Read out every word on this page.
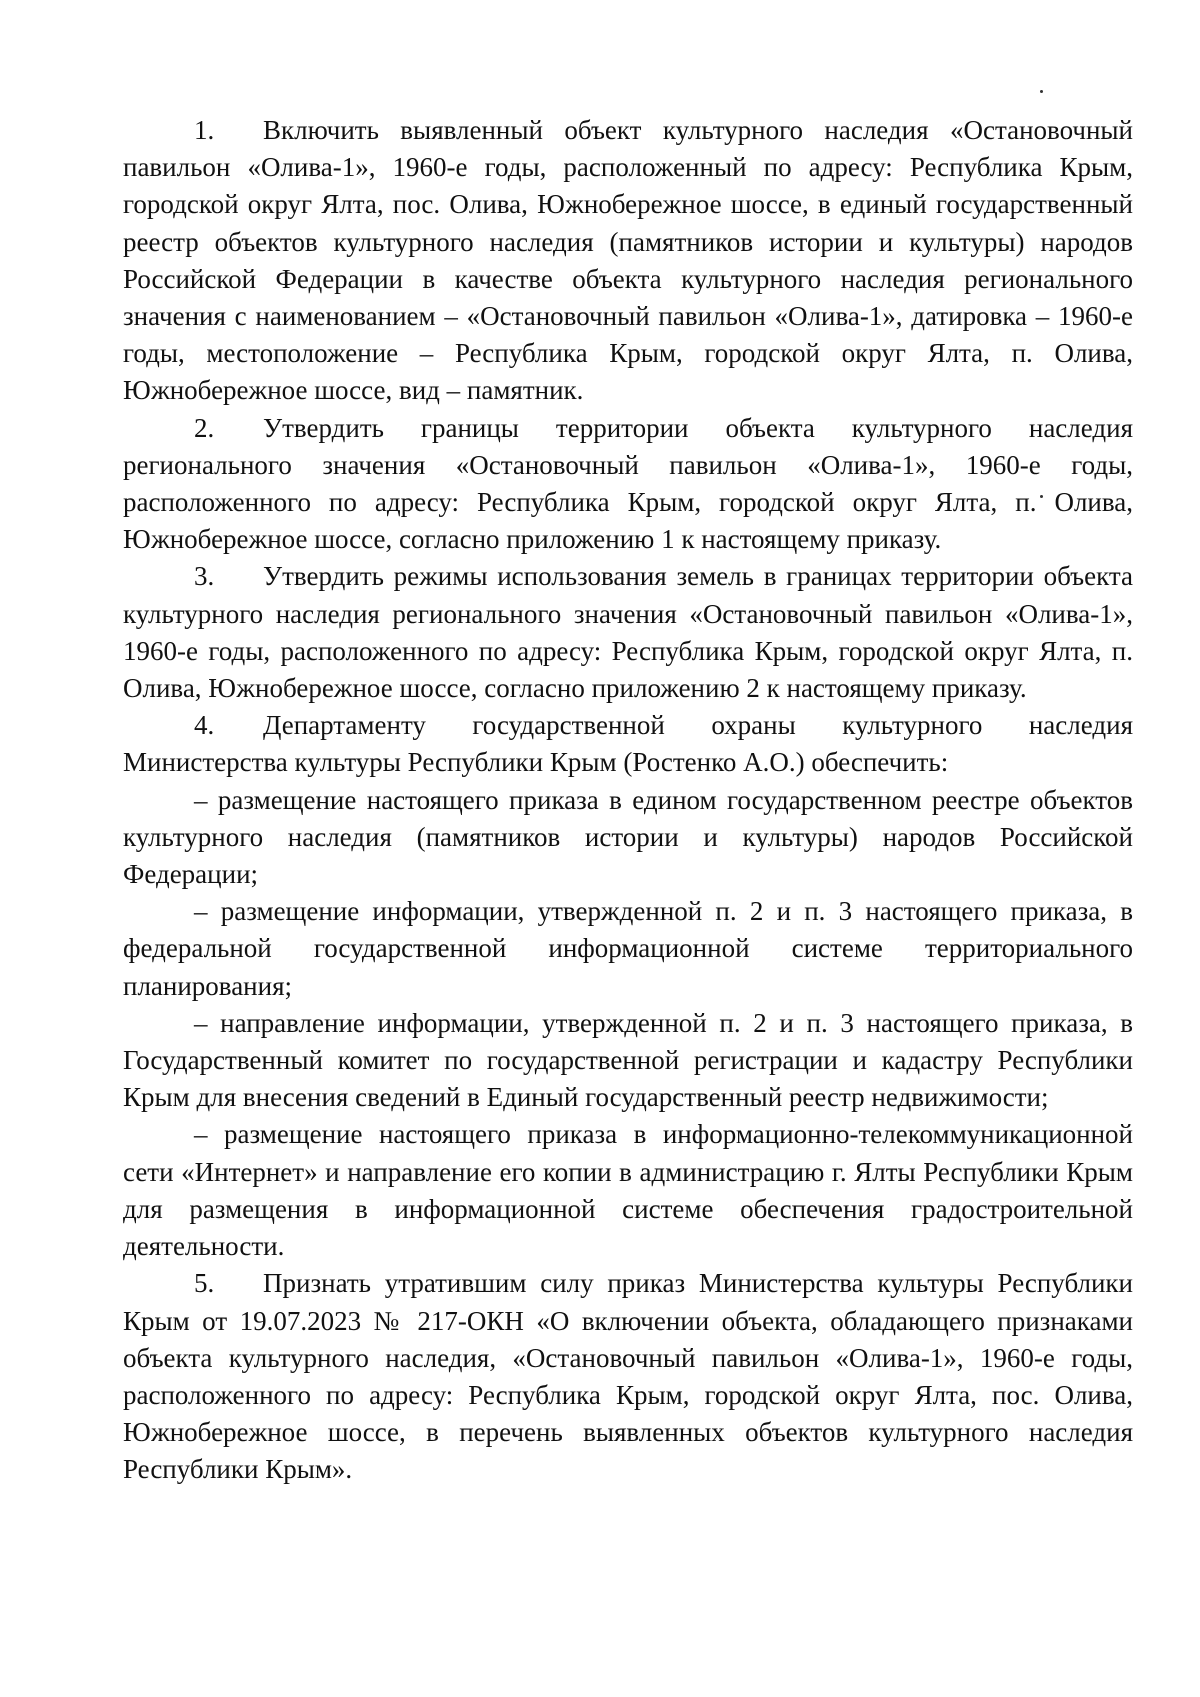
1. Включить выявленный объект культурного наследия «Остановочный павильон «Олива-1», 1960-е годы, расположенный по адресу: Республика Крым, городской округ Ялта, пос. Олива, Южнобережное шоссе, в единый государственный реестр объектов культурного наследия (памятников истории и культуры) народов Российской Федерации в качестве объекта культурного наследия регионального значения с наименованием – «Остановочный павильон «Олива-1», датировка – 1960-е годы, местоположение – Республика Крым, городской округ Ялта, п. Олива, Южнобережное шоссе, вид – памятник.

2. Утвердить границы территории объекта культурного наследия регионального значения «Остановочный павильон «Олива-1», 1960-е годы, расположенного по адресу: Республика Крым, городской округ Ялта, п. Олива, Южнобережное шоссе, согласно приложению 1 к настоящему приказу.

3. Утвердить режимы использования земель в границах территории объекта культурного наследия регионального значения «Остановочный павильон «Олива-1», 1960-е годы, расположенного по адресу: Республика Крым, городской округ Ялта, п. Олива, Южнобережное шоссе, согласно приложению 2 к настоящему приказу.

4. Департаменту государственной охраны культурного наследия Министерства культуры Республики Крым (Ростенко А.О.) обеспечить:

– размещение настоящего приказа в едином государственном реестре объектов культурного наследия (памятников истории и культуры) народов Российской Федерации;

– размещение информации, утвержденной п. 2 и п. 3 настоящего приказа, в федеральной государственной информационной системе территориального планирования;

– направление информации, утвержденной п. 2 и п. 3 настоящего приказа, в Государственный комитет по государственной регистрации и кадастру Республики Крым для внесения сведений в Единый государственный реестр недвижимости;

– размещение настоящего приказа в информационно-телекоммуникационной сети «Интернет» и направление его копии в администрацию г. Ялты Республики Крым для размещения в информационной системе обеспечения градостроительной деятельности.

5. Признать утратившим силу приказ Министерства культуры Республики Крым от 19.07.2023 № 217-ОКН «О включении объекта, обладающего признаками объекта культурного наследия, «Остановочный павильон «Олива-1», 1960-е годы, расположенного по адресу: Республика Крым, городской округ Ялта, пос. Олива, Южнобережное шоссе, в перечень выявленных объектов культурного наследия Республики Крым».
